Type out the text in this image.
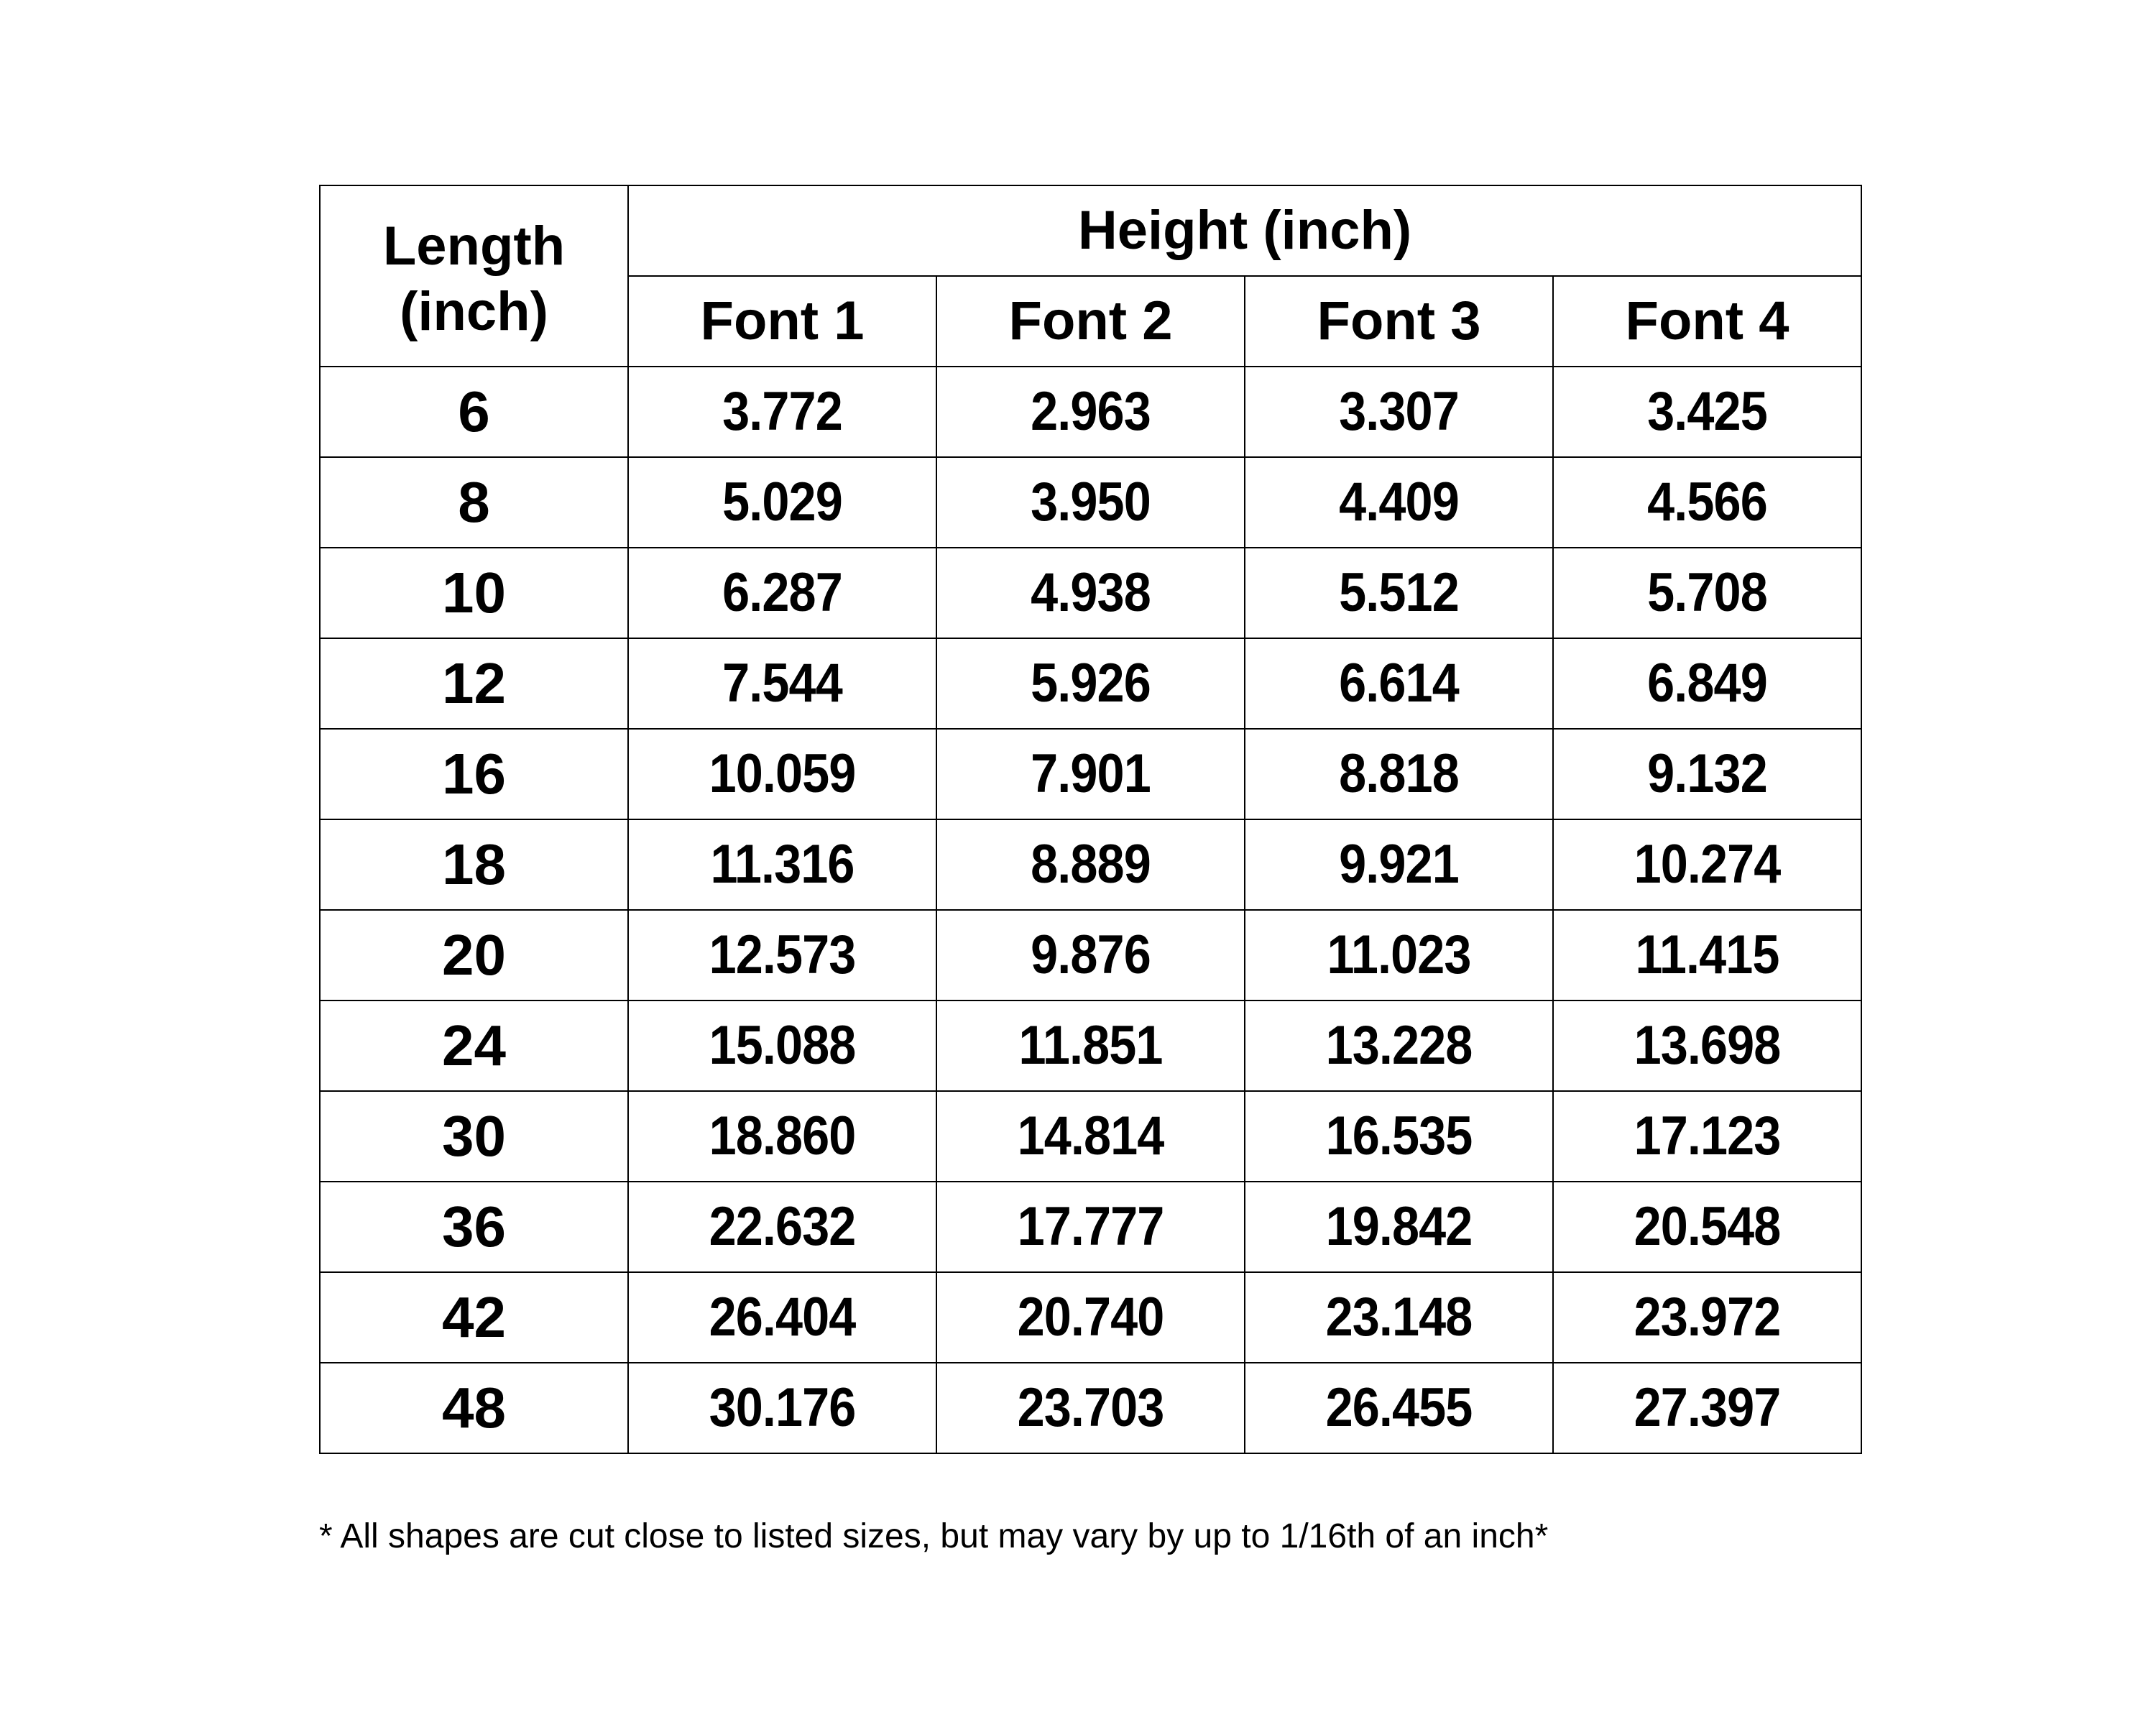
Length (inch)	Height (inch)			
	Font 1	Font 2	Font 3	Font 4
6	3.772	2.963	3.307	3.425
8	5.029	3.950	4.409	4.566
10	6.287	4.938	5.512	5.708
12	7.544	5.926	6.614	6.849
16	10.059	7.901	8.818	9.132
18	11.316	8.889	9.921	10.274
20	12.573	9.876	11.023	11.415
24	15.088	11.851	13.228	13.698
30	18.860	14.814	16.535	17.123
36	22.632	17.777	19.842	20.548
42	26.404	20.740	23.148	23.972
48	30.176	23.703	26.455	27.397
* All shapes are cut close to listed sizes, but may vary by up to 1/16th of an inch*
